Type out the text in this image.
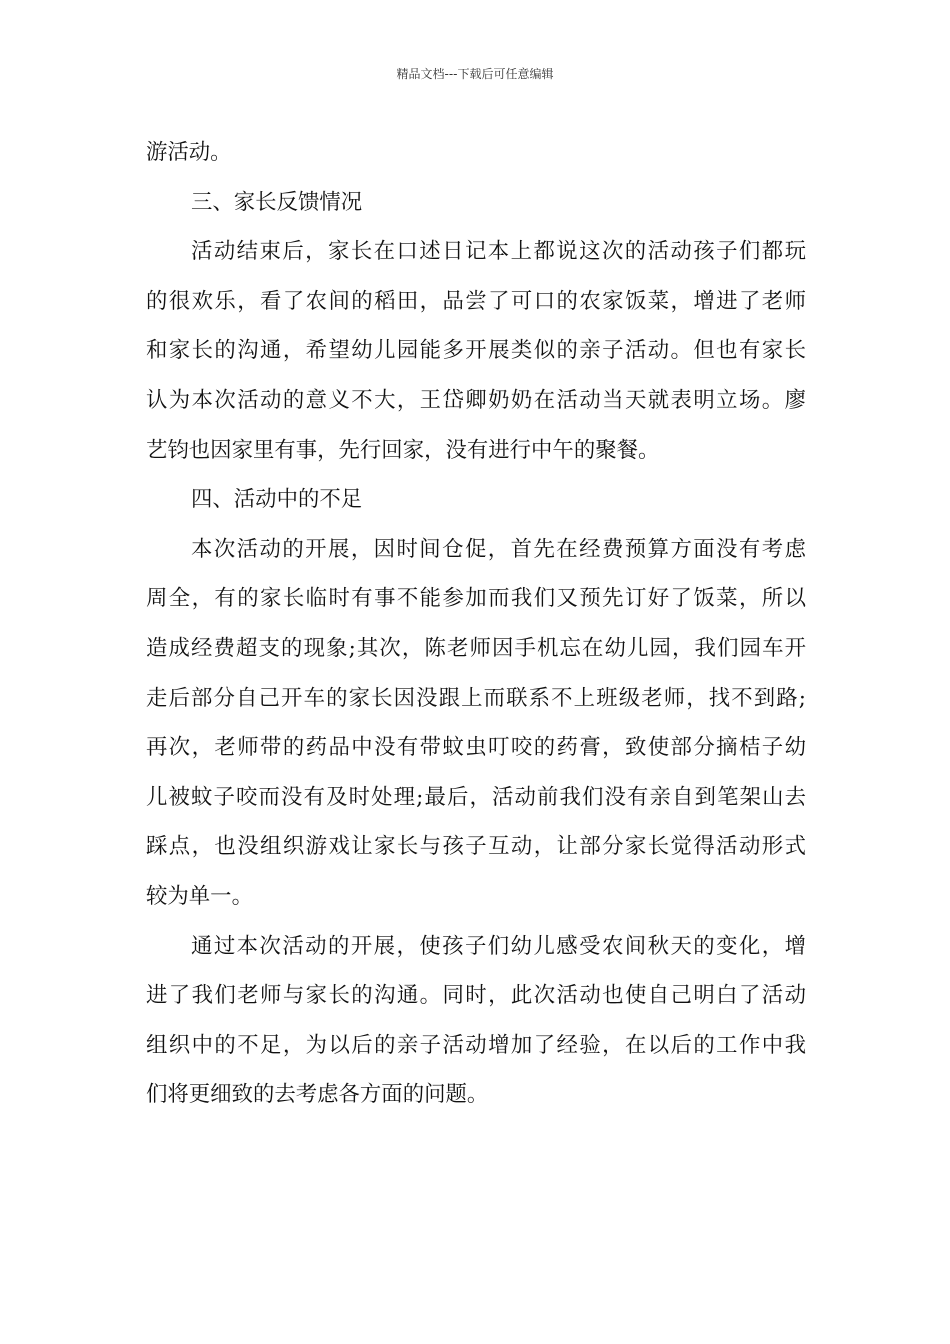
精品文档---下载后可任意编辑
游活动。
三、家长反馈情况
活动结束后，家长在口述日记本上都说这次的活动孩子们都玩
的很欢乐，看了农间的稻田，品尝了可口的农家饭菜，增进了老师
和家长的沟通，希望幼儿园能多开展类似的亲子活动。但也有家长
认为本次活动的意义不大，王岱卿奶奶在活动当天就表明立场。廖
艺钧也因家里有事，先行回家，没有进行中午的聚餐。
四、活动中的不足
本次活动的开展，因时间仓促，首先在经费预算方面没有考虑
周全，有的家长临时有事不能参加而我们又预先订好了饭菜，所以
造成经费超支的现象;其次，陈老师因手机忘在幼儿园，我们园车开
走后部分自己开车的家长因没跟上而联系不上班级老师，找不到路;
再次，老师带的药品中没有带蚊虫叮咬的药膏，致使部分摘桔子幼
儿被蚊子咬而没有及时处理;最后，活动前我们没有亲自到笔架山去
踩点，也没组织游戏让家长与孩子互动，让部分家长觉得活动形式
较为单一。
通过本次活动的开展，使孩子们幼儿感受农间秋天的变化，增
进了我们老师与家长的沟通。同时，此次活动也使自己明白了活动
组织中的不足，为以后的亲子活动增加了经验，在以后的工作中我
们将更细致的去考虑各方面的问题。
